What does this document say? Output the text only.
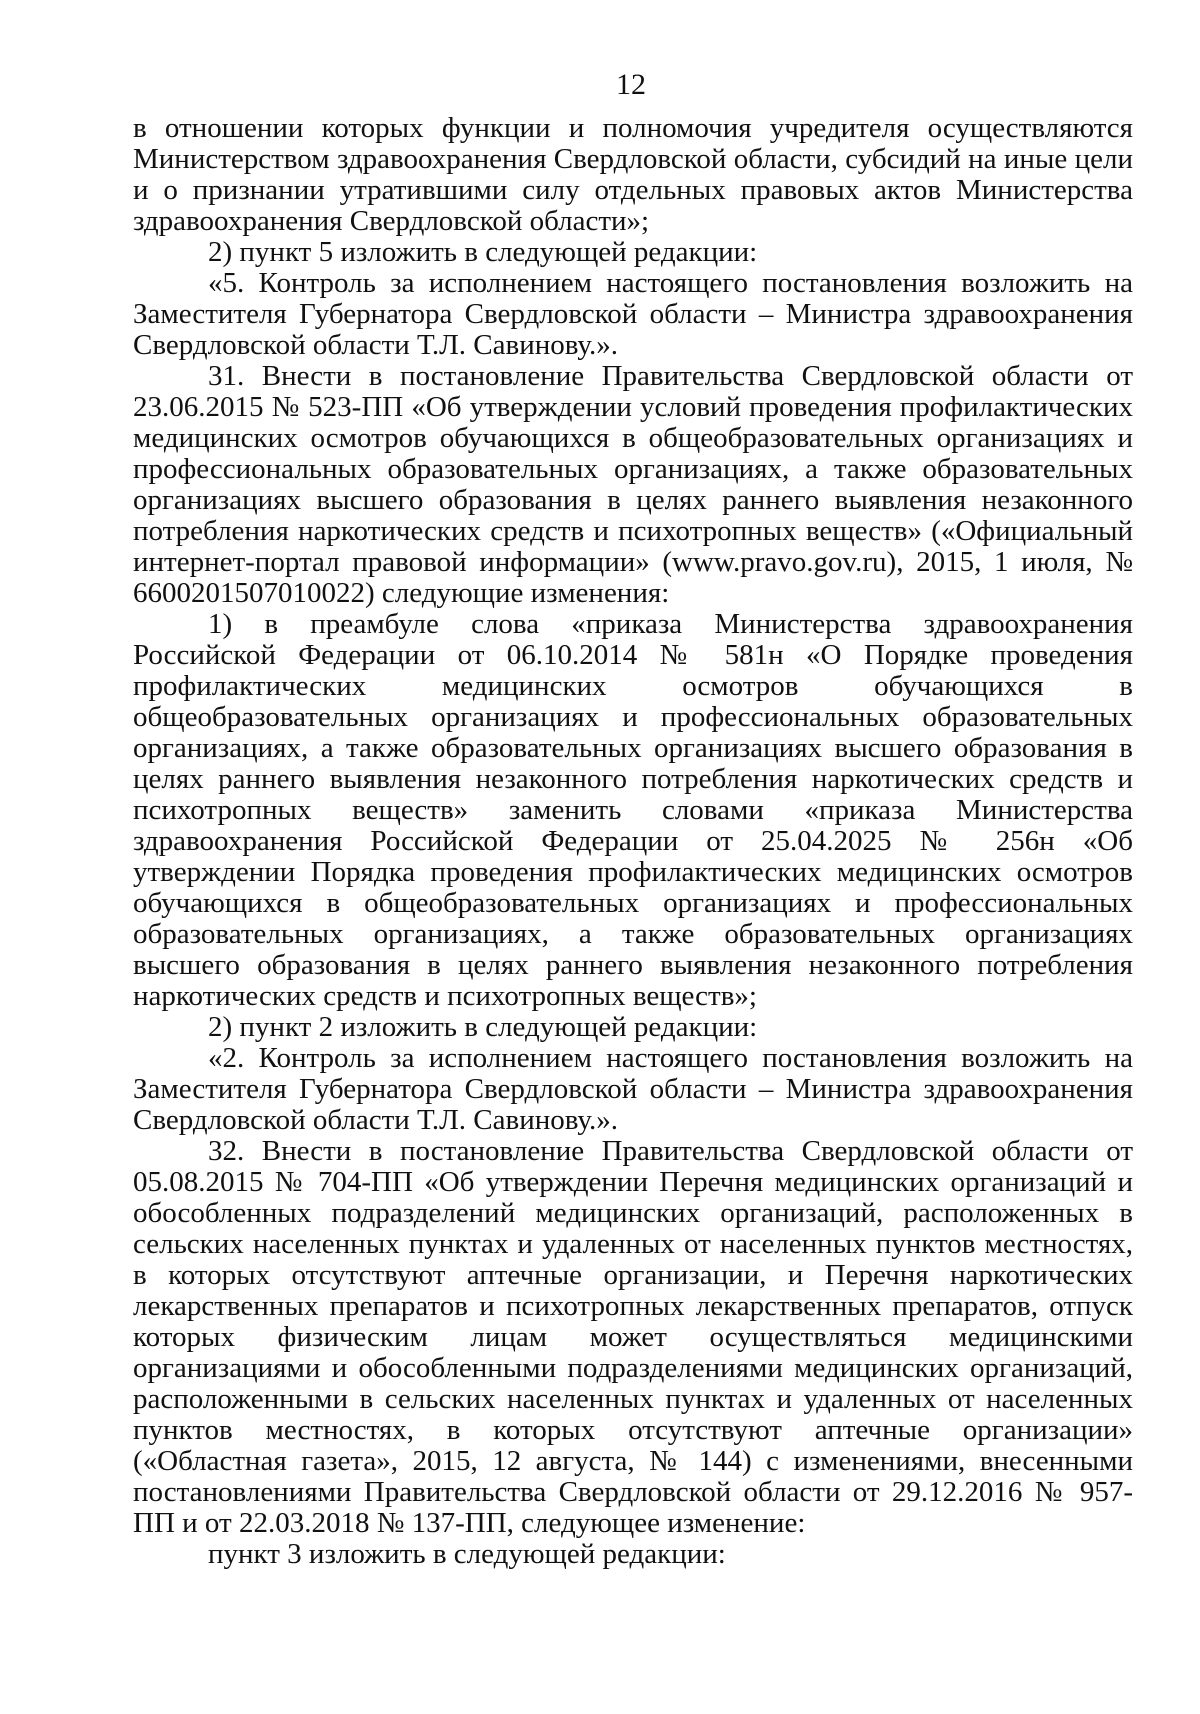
12

в отношении которых функции и полномочия учредителя осуществляются Министерством здравоохранения Свердловской области, субсидий на иные цели и о признании утратившими силу отдельных правовых актов Министерства здравоохранения Свердловской области»;

2) пункт 5 изложить в следующей редакции:

«5. Контроль за исполнением настоящего постановления возложить на Заместителя Губернатора Свердловской области – Министра здравоохранения Свердловской области Т.Л. Савинову.».

31. Внести в постановление Правительства Свердловской области от 23.06.2015 № 523-ПП «Об утверждении условий проведения профилактических медицинских осмотров обучающихся в общеобразовательных организациях и профессиональных образовательных организациях, а также образовательных организациях высшего образования в целях раннего выявления незаконного потребления наркотических средств и психотропных веществ» («Официальный интернет-портал правовой информации» (www.pravo.gov.ru), 2015, 1 июля, № 6600201507010022) следующие изменения:

1) в преамбуле слова «приказа Министерства здравоохранения Российской Федерации от 06.10.2014 № 581н «О Порядке проведения профилактических медицинских осмотров обучающихся в общеобразовательных организациях и профессиональных образовательных организациях, а также образовательных организациях высшего образования в целях раннего выявления незаконного потребления наркотических средств и психотропных веществ» заменить словами «приказа Министерства здравоохранения Российской Федерации от 25.04.2025 № 256н «Об утверждении Порядка проведения профилактических медицинских осмотров обучающихся в общеобразовательных организациях и профессиональных образовательных организациях, а также образовательных организациях высшего образования в целях раннего выявления незаконного потребления наркотических средств и психотропных веществ»;

2) пункт 2 изложить в следующей редакции:

«2. Контроль за исполнением настоящего постановления возложить на Заместителя Губернатора Свердловской области – Министра здравоохранения Свердловской области Т.Л. Савинову.».

32. Внести в постановление Правительства Свердловской области от 05.08.2015 № 704-ПП «Об утверждении Перечня медицинских организаций и обособленных подразделений медицинских организаций, расположенных в сельских населенных пунктах и удаленных от населенных пунктов местностях, в которых отсутствуют аптечные организации, и Перечня наркотических лекарственных препаратов и психотропных лекарственных препаратов, отпуск которых физическим лицам может осуществляться медицинскими организациями и обособленными подразделениями медицинских организаций, расположенными в сельских населенных пунктах и удаленных от населенных пунктов местностях, в которых отсутствуют аптечные организации» («Областная газета», 2015, 12 августа, № 144) с изменениями, внесенными постановлениями Правительства Свердловской области от 29.12.2016 № 957-ПП и от 22.03.2018 № 137-ПП, следующее изменение:

пункт 3 изложить в следующей редакции:
